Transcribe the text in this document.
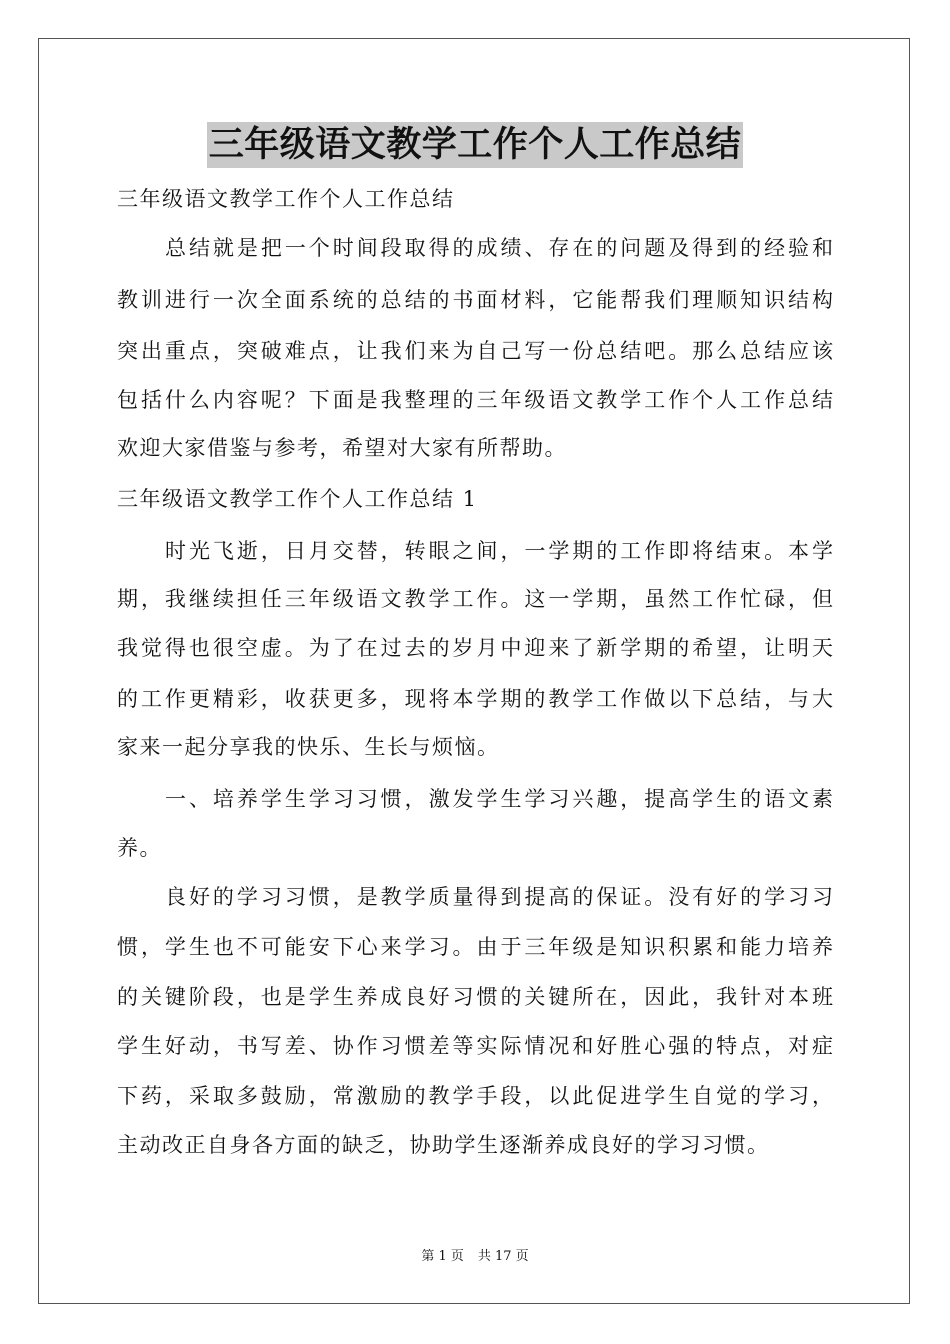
三年级语文教学工作个人工作总结
三年级语文教学工作个人工作总结
总结就是把一个时间段取得的成绩、存在的问题及得到的经验和
教训进行一次全面系统的总结的书面材料，它能帮我们理顺知识结构
突出重点，突破难点，让我们来为自己写一份总结吧。那么总结应该
包括什么内容呢？下面是我整理的三年级语文教学工作个人工作总结
欢迎大家借鉴与参考，希望对大家有所帮助。
三年级语文教学工作个人工作总结 1
时光飞逝，日月交替，转眼之间，一学期的工作即将结束。本学
期，我继续担任三年级语文教学工作。这一学期，虽然工作忙碌，但
我觉得也很空虚。为了在过去的岁月中迎来了新学期的希望，让明天
的工作更精彩，收获更多，现将本学期的教学工作做以下总结，与大
家来一起分享我的快乐、生长与烦恼。
一、培养学生学习习惯，激发学生学习兴趣，提高学生的语文素
养。
良好的学习习惯，是教学质量得到提高的保证。没有好的学习习
惯，学生也不可能安下心来学习。由于三年级是知识积累和能力培养
的关键阶段，也是学生养成良好习惯的关键所在，因此，我针对本班
学生好动，书写差、协作习惯差等实际情况和好胜心强的特点，对症
下药，采取多鼓励，常激励的教学手段，以此促进学生自觉的学习，
主动改正自身各方面的缺乏，协助学生逐渐养成良好的学习习惯。
第 1 页 共 17 页
